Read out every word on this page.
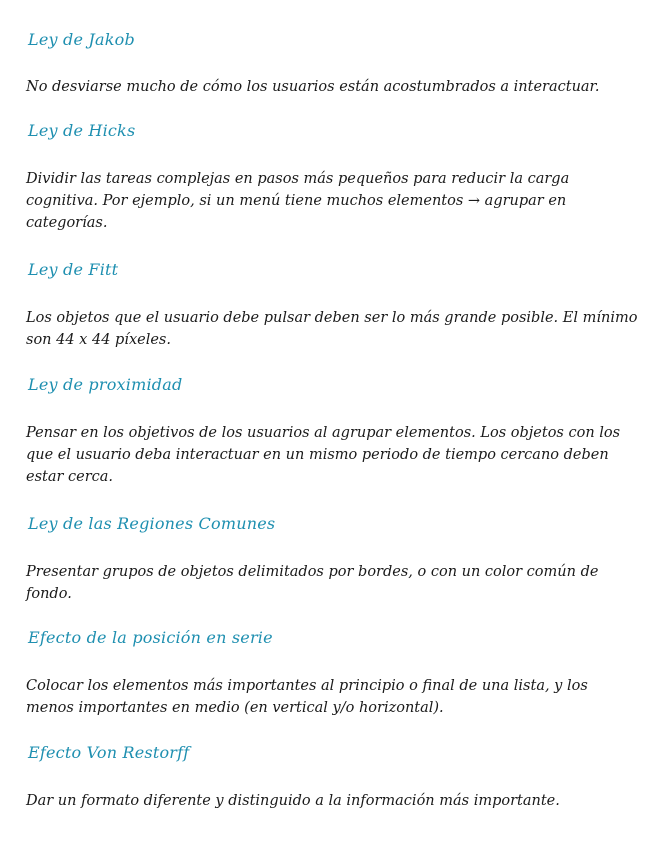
Ley de Jakob
No desviarse mucho de cómo los usuarios están acostumbrados a interactuar.
Ley de Hicks
Dividir las tareas complejas en pasos más pequeños para reducir la carga cognitiva. Por ejemplo, si un menú tiene muchos elementos → agrupar en categorías.
Ley de Fitt
Los objetos que el usuario debe pulsar deben ser lo más grande posible. El mínimo son 44 x 44 píxeles.
Ley de proximidad
Pensar en los objetivos de los usuarios al agrupar elementos. Los objetos con los que el usuario deba interactuar en un mismo periodo de tiempo cercano deben estar cerca.
Ley de las Regiones Comunes
Presentar grupos de objetos delimitados por bordes, o con un color común de fondo.
Efecto de la posición en serie
Colocar los elementos más importantes al principio o final de una lista, y los menos importantes en medio (en vertical y/o horizontal).
Efecto Von Restorff
Dar un formato diferente y distinguido a la información más importante.
